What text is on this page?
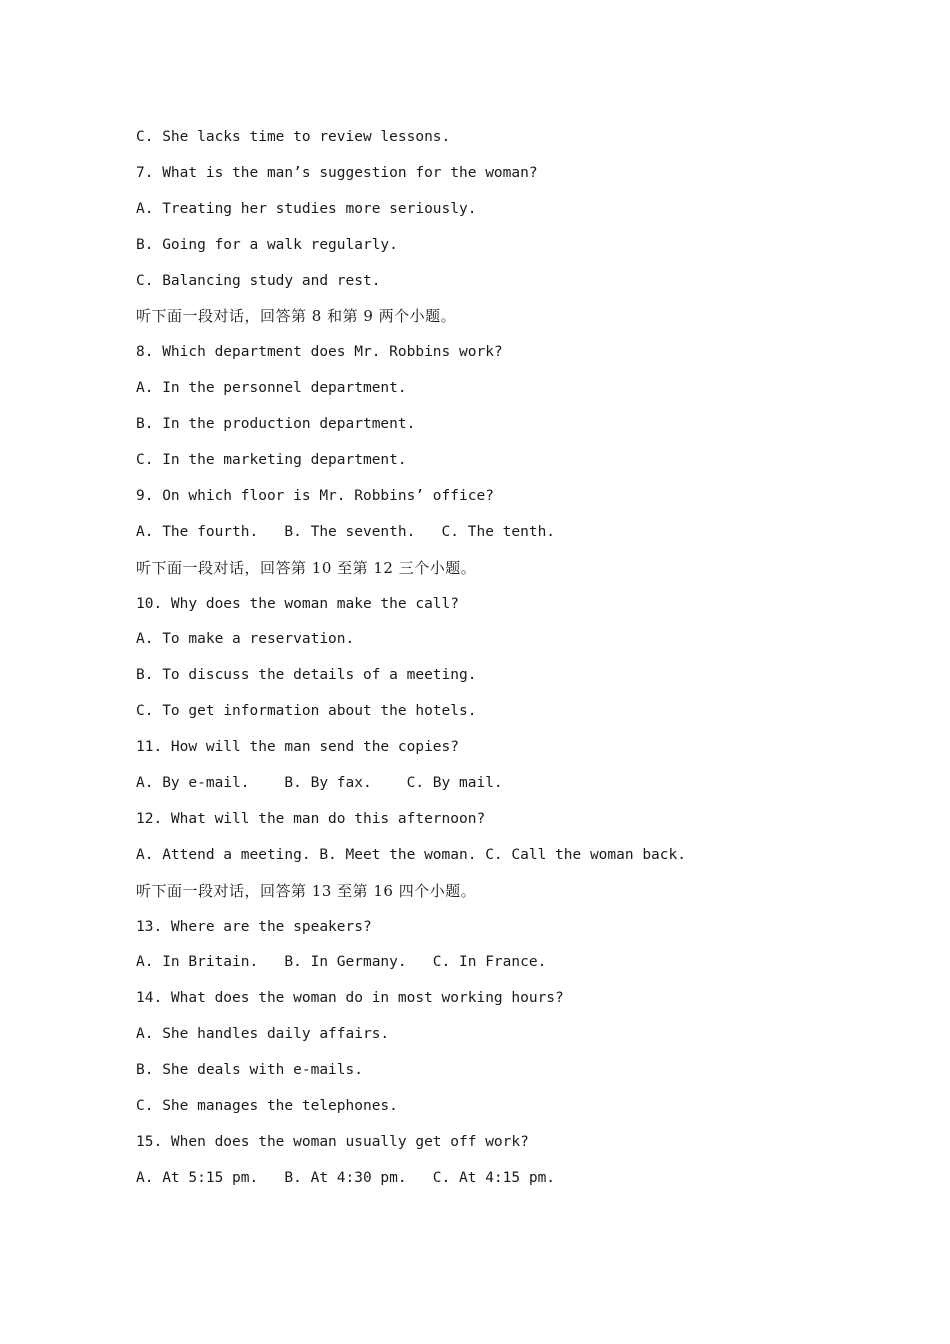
C. She lacks time to review lessons.
7. What is the man’s suggestion for the woman?
A. Treating her studies more seriously.
B. Going for a walk regularly.
C. Balancing study and rest.
听下面一段对话，回答第 8 和第 9 两个小题。
8. Which department does Mr. Robbins work?
A. In the personnel department.
B. In the production department.
C. In the marketing department.
9. On which floor is Mr. Robbins’ office?
A. The fourth.   B. The seventh.   C. The tenth.
听下面一段对话，回答第 10 至第 12 三个小题。
10. Why does the woman make the call?
A. To make a reservation.
B. To discuss the details of a meeting.
C. To get information about the hotels.
11. How will the man send the copies?
A. By e-mail.    B. By fax.    C. By mail.
12. What will the man do this afternoon?
A. Attend a meeting. B. Meet the woman. C. Call the woman back.
听下面一段对话，回答第 13 至第 16 四个小题。
13. Where are the speakers?
A. In Britain.   B. In Germany.   C. In France.
14. What does the woman do in most working hours?
A. She handles daily affairs.
B. She deals with e-mails.
C. She manages the telephones.
15. When does the woman usually get off work?
A. At 5:15 pm.   B. At 4:30 pm.   C. At 4:15 pm.
